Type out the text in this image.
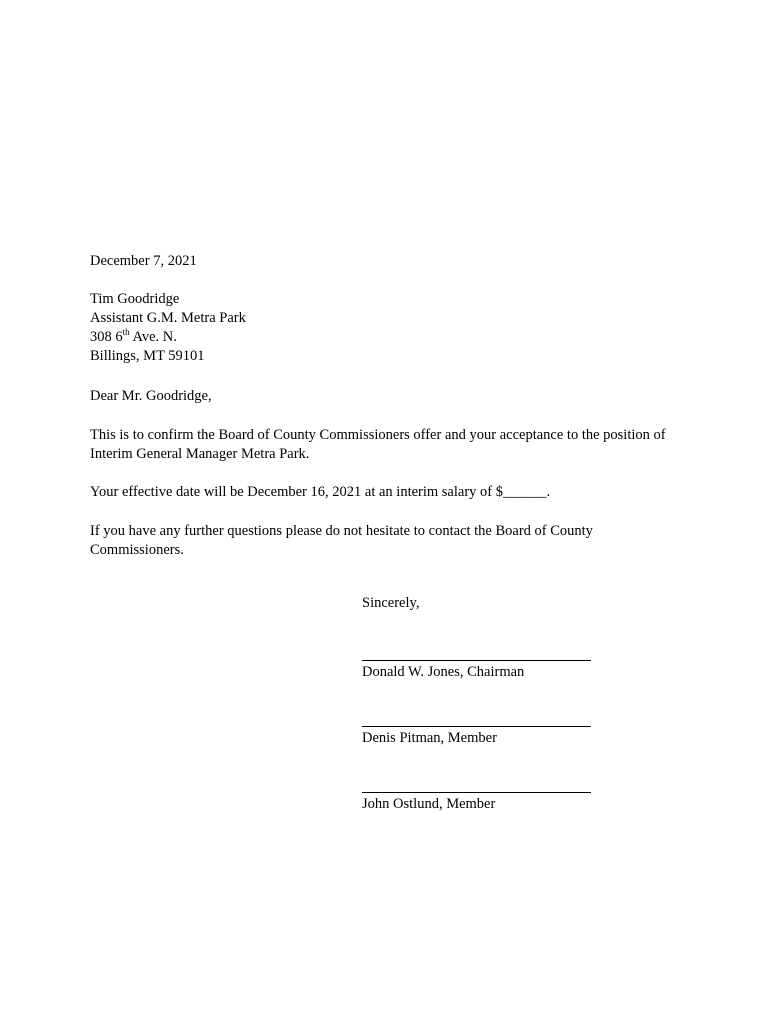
December 7, 2021

Tim Goodridge

Assistant G.M. Metra Park

308 6th Ave. N.

Billings, MT 59101

Dear Mr. Goodridge,

This is to confirm the Board of County Commissioners offer and your acceptance to the position of Interim General Manager Metra Park.

Your effective date will be December 16, 2021 at an interim salary of $______.

If you have any further questions please do not hesitate to contact the Board of County Commissioners.

Sincerely,

Donald W. Jones, Chairman

Denis Pitman, Member

John Ostlund, Member
